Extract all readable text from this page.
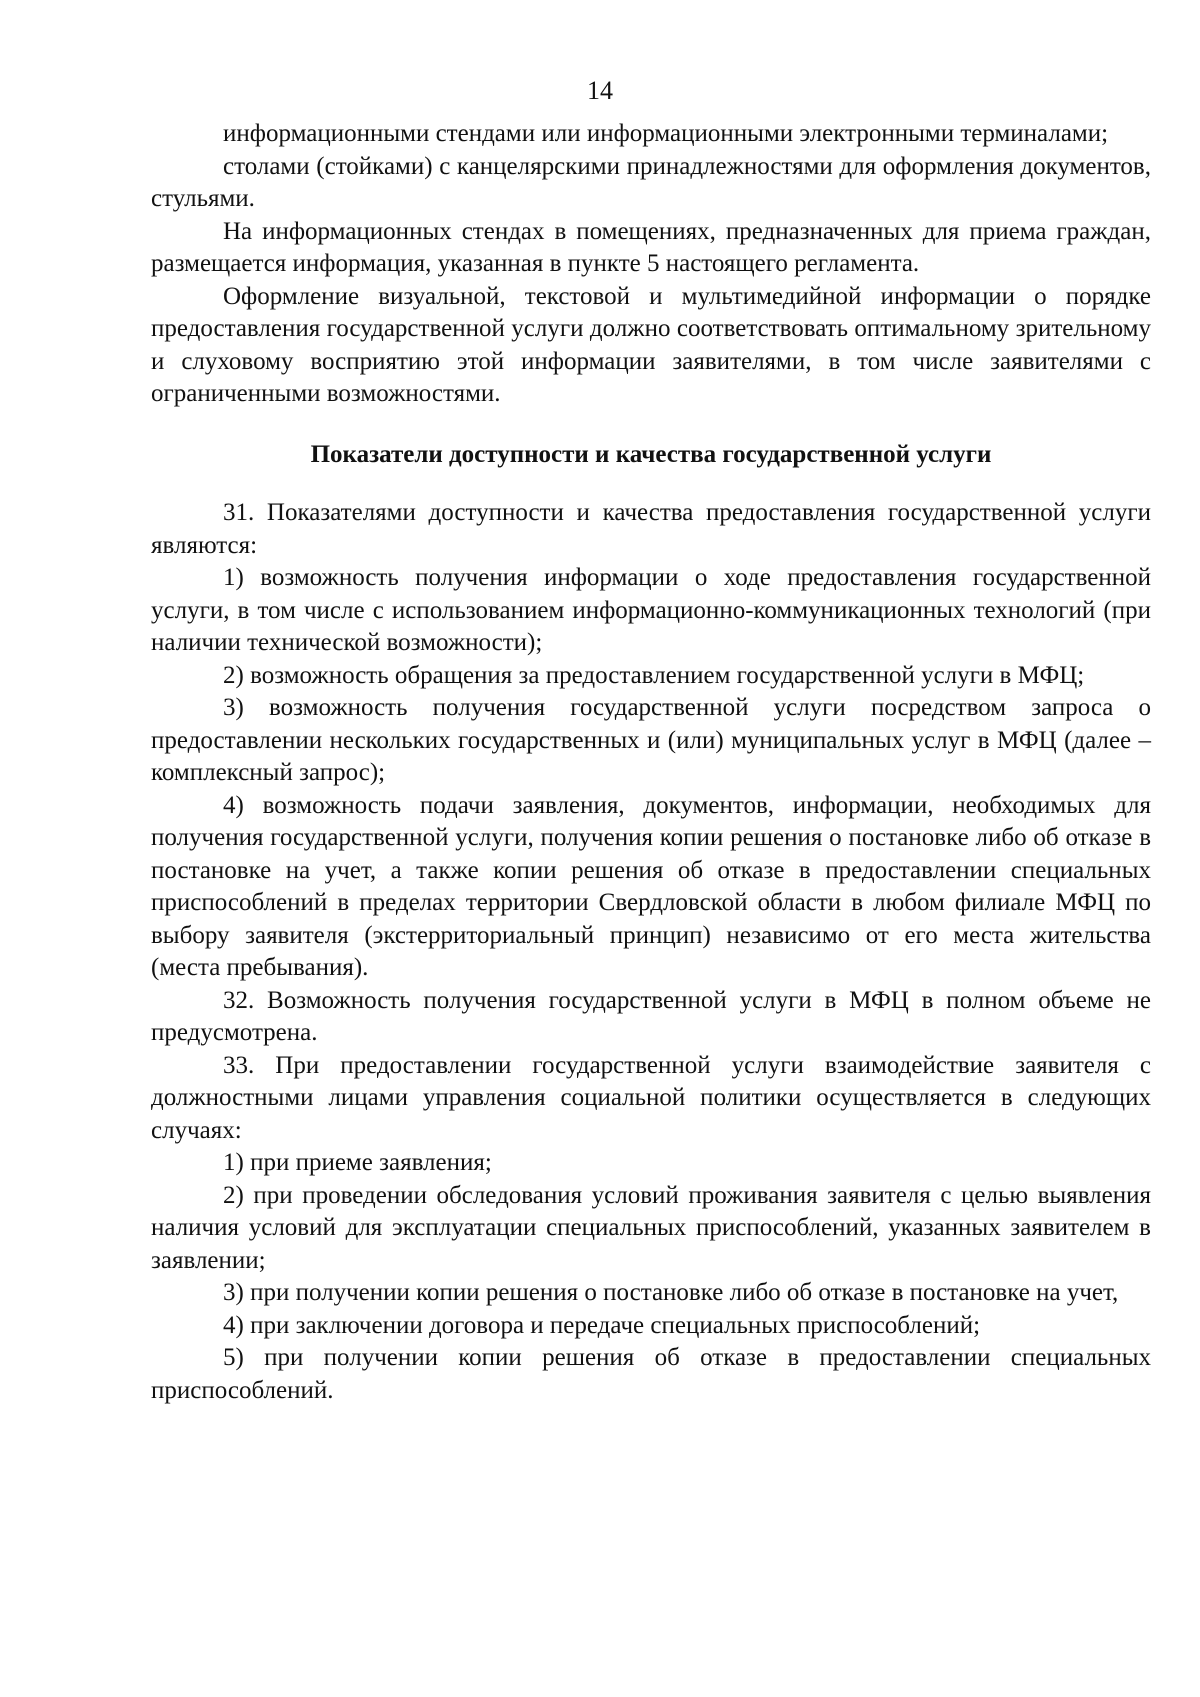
14

информационными стендами или информационными электронными терминалами;

столами (стойками) с канцелярскими принадлежностями для оформления документов, стульями.

На информационных стендах в помещениях, предназначенных для приема граждан, размещается информация, указанная в пункте 5 настоящего регламента.

Оформление визуальной, текстовой и мультимедийной информации о порядке предоставления государственной услуги должно соответствовать оптимальному зрительному и слуховому восприятию этой информации заявителями, в том числе заявителями с ограниченными возможностями.

Показатели доступности и качества государственной услуги

31. Показателями доступности и качества предоставления государственной услуги являются:

1) возможность получения информации о ходе предоставления государственной услуги, в том числе с использованием информационно-коммуникационных технологий (при наличии технической возможности);

2) возможность обращения за предоставлением государственной услуги в МФЦ;

3) возможность получения государственной услуги посредством запроса о предоставлении нескольких государственных и (или) муниципальных услуг в МФЦ (далее – комплексный запрос);

4) возможность подачи заявления, документов, информации, необходимых для получения государственной услуги, получения копии решения о постановке либо об отказе в постановке на учет, а также копии решения об отказе в предоставлении специальных приспособлений в пределах территории Свердловской области в любом филиале МФЦ по выбору заявителя (экстерриториальный принцип) независимо от его места жительства (места пребывания).

32. Возможность получения государственной услуги в МФЦ в полном объеме не предусмотрена.

33. При предоставлении государственной услуги взаимодействие заявителя с должностными лицами управления социальной политики осуществляется в следующих случаях:

1) при приеме заявления;

2) при проведении обследования условий проживания заявителя с целью выявления наличия условий для эксплуатации специальных приспособлений, указанных заявителем в заявлении;

3) при получении копии решения о постановке либо об отказе в постановке на учет,

4) при заключении договора и передаче специальных приспособлений;

5) при получении копии решения об отказе в предоставлении специальных приспособлений.
